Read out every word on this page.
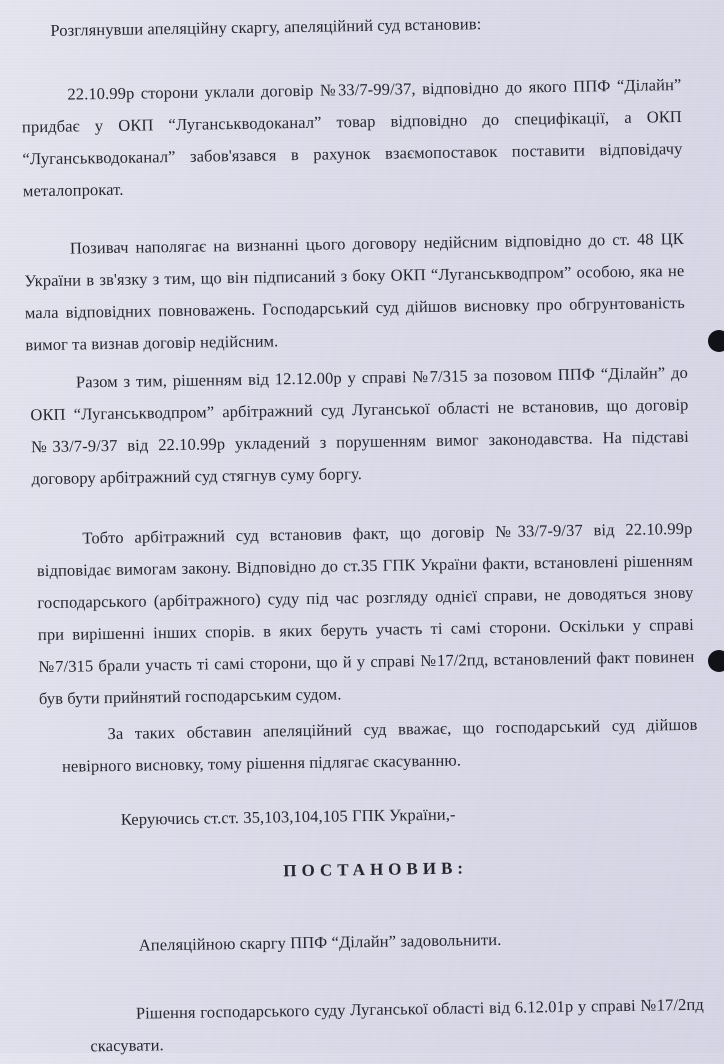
Розглянувши апеляційну скаргу, апеляційний суд встановив:

22.10.99р сторони уклали договір №33/7-99/37, відповідно до якого ППФ “Ділайн” придбає у ОКП “Луганськводоканал” товар відповідно до специфікації, а ОКП “Луганськводоканал” забов'язався в рахунок взаємопоставок поставити відповідачу металопрокат.

Позивач наполягає на визнанні цього договору недійсним відповідно до ст. 48 ЦК України в зв'язку з тим, що він підписаний з боку ОКП “Луганськводпром” особою, яка не мала відповідних повноважень. Господарський суд дійшов висновку про обгрунтованість вимог та визнав договір недійсним.

Разом з тим, рішенням від 12.12.00р у справі №7/315 за позовом ППФ “Ділайн” до ОКП “Луганськводпром” арбітражний суд Луганської області не встановив, що договір №33/7-9/37 від 22.10.99р укладений з порушенням вимог законодавства. На підставі договору арбітражний суд стягнув суму боргу.

Тобто арбітражний суд встановив факт, що договір №33/7-9/37 від 22.10.99р відповідає вимогам закону. Відповідно до ст.35 ГПК України факти, встановлені рішенням господарського (арбітражного) суду під час розгляду однієї справи, не доводяться знову при вирішенні інших спорів. в яких беруть участь ті самі сторони. Оскільки у справі №7/315 брали участь ті самі сторони, що й у справі №17/2пд, встановлений факт повинен був бути прийнятий господарським судом.

За таких обставин апеляційний суд вважає, що господарський суд дійшов невірного висновку, тому рішення підлягає скасуванню.

Керуючись ст.ст. 35,103,104,105 ГПК України,-

ПОСТАНОВИВ:

Апеляційною скаргу ППФ “Ділайн” задовольнити.

Рішення господарського суду Луганської області від 6.12.01р у справі №17/2пд скасувати.
